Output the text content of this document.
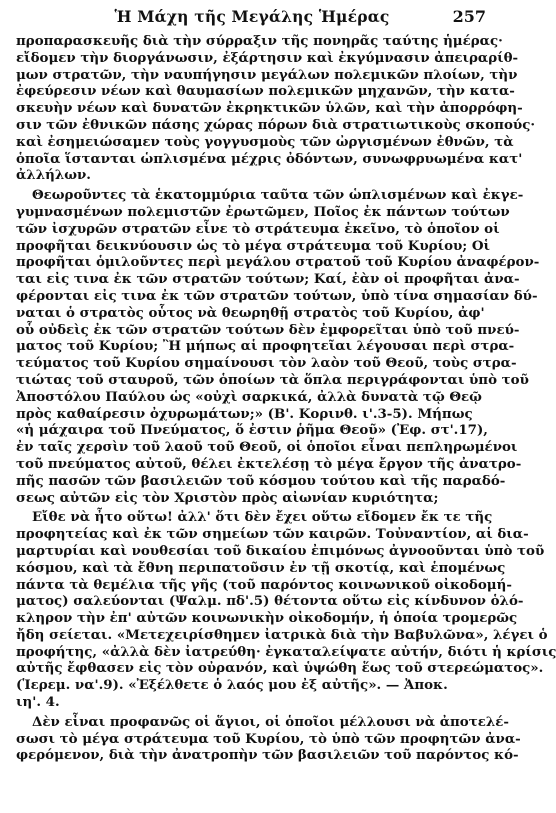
Ἡ Μάχη τῆς Μεγάλης Ἡμέρας	257

προπαρασκευῆς διὰ τὴν σύρραξιν τῆς πονηρᾶς ταύτης ἡμέρας·
εἴδομεν τὴν διοργάνωσιν, ἐξάρτησιν καὶ ἐκγύμνασιν ἀπειραρίθ-
μων στρατῶν, τὴν ναυπήγησιν μεγάλων πολεμικῶν πλοίων, τὴν
ἐφεύρεσιν νέων καὶ θαυμασίων πολεμικῶν μηχανῶν, τὴν κατα-
σκευὴν νέων καὶ δυνατῶν ἐκρηκτικῶν ὑλῶν, καὶ τὴν ἀπορρόφη-
σιν τῶν ἐθνικῶν πάσης χώρας πόρων διὰ στρατιωτικοὺς σκοπούς·
καὶ ἐσημειώσαμεν τοὺς γογγυσμοὺς τῶν ὠργισμένων ἐθνῶν, τὰ
ὁποῖα ἵστανται ὡπλισμένα μέχρις ὀδόντων, συνωφρυωμένα κατ'
ἀλλήλων.

Θεωροῦντες τὰ ἑκατομμύρια ταῦτα τῶν ὡπλισμένων καὶ ἐκγε-
γυμνασμένων πολεμιστῶν ἐρωτῶμεν, Ποῖος ἐκ πάντων τούτων
τῶν ἰσχυρῶν στρατῶν εἶνε τὸ στράτευμα ἐκεῖνο, τὸ ὁποῖον οἱ
προφῆται δεικνύουσιν ὡς τὸ μέγα στράτευμα τοῦ Κυρίου; Οἱ
προφῆται ὁμιλοῦντες περὶ μεγάλου στρατοῦ τοῦ Κυρίου ἀναφέρον-
ται εἰς τινα ἐκ τῶν στρατῶν τούτων; Καί, ἐὰν οἱ προφῆται ἀνα-
φέρονται εἰς τινα ἐκ τῶν στρατῶν τούτων, ὑπὸ τίνα σημασίαν δύ-
ναται ὁ στρατὸς οὗτος νὰ θεωρηθῇ στρατὸς τοῦ Κυρίου, ἀφ'
οὗ οὐδεὶς ἐκ τῶν στρατῶν τούτων δὲν ἐμφορεῖται ὑπὸ τοῦ πνεύ-
ματος τοῦ Κυρίου; Ἢ μήπως αἱ προφητεῖαι λέγουσαι περὶ στρα-
τεύματος τοῦ Κυρίου σημαίνουσι τὸν λαὸν τοῦ Θεοῦ, τοὺς στρα-
τιώτας τοῦ σταυροῦ, τῶν ὁποίων τὰ ὅπλα περιγράφονται ὑπὸ τοῦ
Ἀποστόλου Παύλου ὡς «οὐχὶ σαρκικά, ἀλλὰ δυνατὰ τῷ Θεῷ
πρὸς καθαίρεσιν ὀχυρωμάτων;» (Β'. Κορινθ. ι'.3-5). Μήπως
«ἡ μάχαιρα τοῦ Πνεύματος, ὅ ἐστιν ῥῆμα Θεοῦ» (Ἐφ. στ'.17),
ἐν ταῖς χερσὶν τοῦ λαοῦ τοῦ Θεοῦ, οἱ ὁποῖοι εἶναι πεπληρωμένοι
τοῦ πνεύματος αὐτοῦ, θέλει ἐκτελέσῃ τὸ μέγα ἔργον τῆς ἀνατρο-
πῆς πασῶν τῶν βασιλειῶν τοῦ κόσμου τούτου καὶ τῆς παραδό-
σεως αὐτῶν εἰς τὸν Χριστὸν πρὸς αἰωνίαν κυριότητα;

Εἴθε νὰ ἦτο οὕτω! ἀλλ' ὅτι δὲν ἔχει οὕτω εἴδομεν ἔκ τε τῆς
προφητείας καὶ ἐκ τῶν σημείων τῶν καιρῶν. Τοὐναντίον, αἱ δια-
μαρτυρίαι καὶ νουθεσίαι τοῦ δικαίου ἐπιμόνως ἀγνοοῦνται ὑπὸ τοῦ
κόσμου, καὶ τὰ ἔθνη περιπατοῦσιν ἐν τῇ σκοτίᾳ, καὶ ἑπομένως
πάντα τὰ θεμέλια τῆς γῆς (τοῦ παρόντος κοινωνικοῦ οἰκοδομή-
ματος) σαλεύονται (Ψαλμ. πδ'.5) θέτοντα οὕτω εἰς κίνδυνον ὁλό-
κληρον τὴν ἐπ' αὐτῶν κοινωνικὴν οἰκοδομήν, ἡ ὁποία τρομερῶς
ἤδη σείεται. «Μετεχειρίσθημεν ἰατρικὰ διὰ τὴν Βαβυλῶνα», λέγει ὁ
προφήτης, «ἀλλὰ δὲν ἰατρεύθη· ἐγκαταλείψατε αὐτήν, διότι ἡ κρίσις
αὐτῆς ἔφθασεν εἰς τὸν οὐρανόν, καὶ ὑψώθη ἕως τοῦ στερεώματος».
(Ἱερεμ. να'.9). «Ἐξέλθετε ὁ λαός μου ἐξ αὐτῆς». — Ἀποκ.
ιη'. 4.

Δὲν εἶναι προφανῶς οἱ ἅγιοι, οἱ ὁποῖοι μέλλουσι νὰ ἀποτελέ-
σωσι τὸ μέγα στράτευμα τοῦ Κυρίου, τὸ ὑπὸ τῶν προφητῶν ἀνα-
φερόμενον, διὰ τὴν ἀνατροπὴν τῶν βασιλειῶν τοῦ παρόντος κό-
